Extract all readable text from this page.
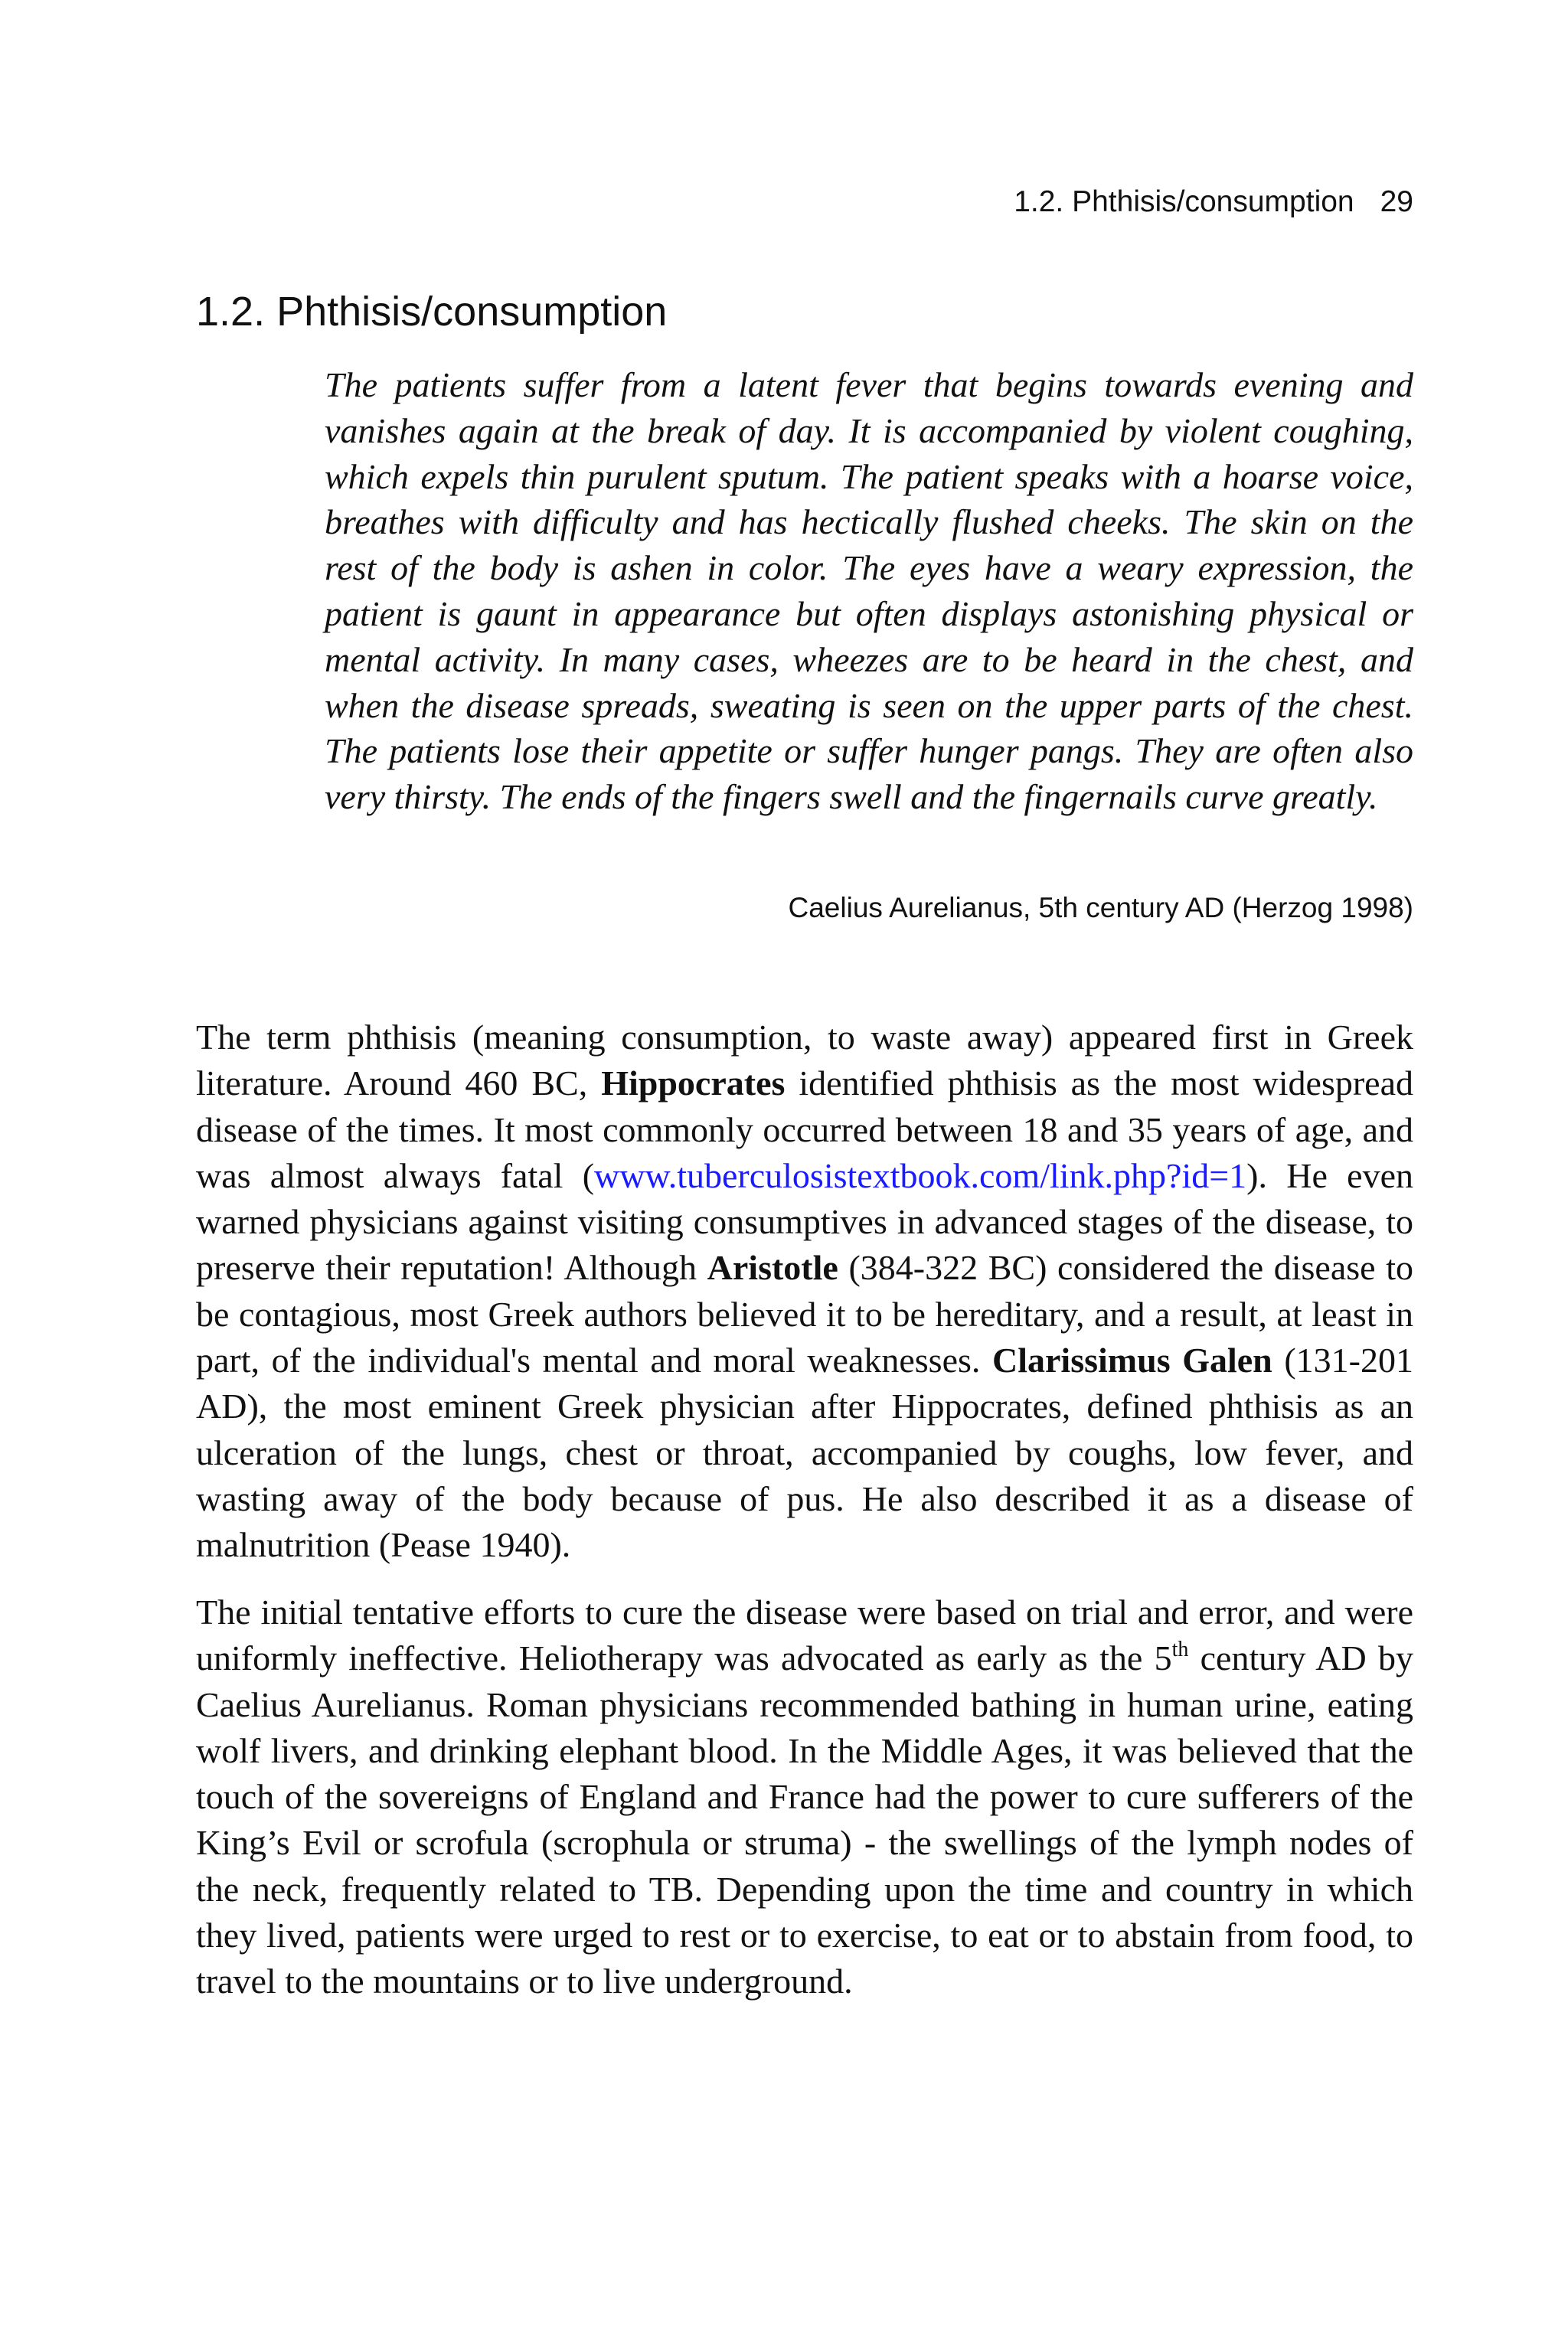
1.2. Phthisis/consumption 29
1.2. Phthisis/consumption

The patients suffer from a latent fever that begins towards evening and vanishes again at the break of day. It is accompanied by violent coughing, which expels thin purulent sputum. The patient speaks with a hoarse voice, breathes with difficulty and has hectically flushed cheeks. The skin on the rest of the body is ashen in color. The eyes have a weary expression, the patient is gaunt in appearance but often displays astonishing physical or mental activity. In many cases, wheezes are to be heard in the chest, and when the disease spreads, sweating is seen on the upper parts of the chest. The patients lose their appetite or suffer hunger pangs. They are often also very thirsty. The ends of the fingers swell and the fingernails curve greatly.

Caelius Aurelianus, 5th century AD (Herzog 1998)

The term phthisis (meaning consumption, to waste away) appeared first in Greek literature. Around 460 BC, Hippocrates identified phthisis as the most widespread disease of the times. It most commonly occurred between 18 and 35 years of age, and was almost always fatal (www.tuberculosistextbook.com/link.php?id=1). He even warned physicians against visiting consumptives in advanced stages of the disease, to preserve their reputation! Although Aristotle (384-322 BC) considered the disease to be contagious, most Greek authors believed it to be hereditary, and a result, at least in part, of the individual's mental and moral weaknesses. Clarissimus Galen (131-201 AD), the most eminent Greek physician after Hippocrates, defined phthisis as an ulceration of the lungs, chest or throat, accompanied by coughs, low fever, and wasting away of the body because of pus. He also described it as a disease of malnutrition (Pease 1940).

The initial tentative efforts to cure the disease were based on trial and error, and were uniformly ineffective. Heliotherapy was advocated as early as the 5th century AD by Caelius Aurelianus. Roman physicians recommended bathing in human urine, eating wolf livers, and drinking elephant blood. In the Middle Ages, it was believed that the touch of the sovereigns of England and France had the power to cure sufferers of the King’s Evil or scrofula (scrophula or struma) - the swellings of the lymph nodes of the neck, frequently related to TB. Depending upon the time and country in which they lived, patients were urged to rest or to exercise, to eat or to abstain from food, to travel to the mountains or to live underground.
